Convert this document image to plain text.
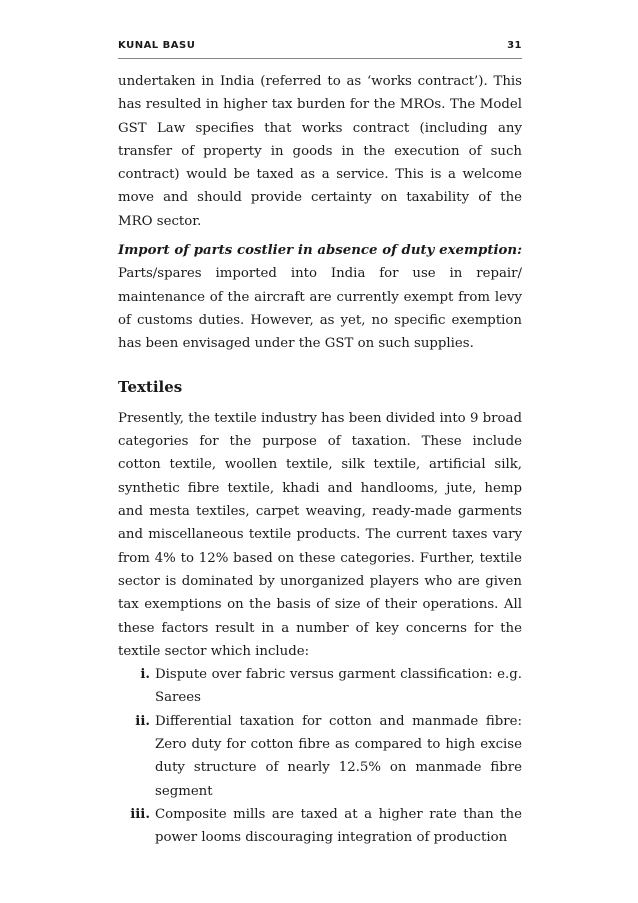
KUNAL BASU	31

undertaken in India (referred to as ‘works contract’). This has resulted in higher tax burden for the MROs. The Model GST Law specifies that works contract (including any transfer of property in goods in the execution of such contract) would be taxed as a service. This is a welcome move and should provide certainty on taxability of the MRO sector.

Import of parts costlier in absence of duty exemption: Parts/spares imported into India for use in repair/ maintenance of the aircraft are currently exempt from levy of customs duties. However, as yet, no specific exemption has been envisaged under the GST on such supplies.

Textiles

Presently, the textile industry has been divided into 9 broad categories for the purpose of taxation. These include cotton textile, woollen textile, silk textile, artificial silk, synthetic fibre textile, khadi and handlooms, jute, hemp and mesta textiles, carpet weaving, ready-made garments and miscellaneous textile products. The current taxes vary from 4% to 12% based on these categories. Further, textile sector is dominated by unorganized players who are given tax exemptions on the basis of size of their operations. All these factors result in a number of key concerns for the textile sector which include:

i. Dispute over fabric versus garment classification: e.g. Sarees
ii. Differential taxation for cotton and manmade fibre: Zero duty for cotton fibre as compared to high excise duty structure of nearly 12.5% on manmade fibre segment
iii. Composite mills are taxed at a higher rate than the power looms discouraging integration of production
